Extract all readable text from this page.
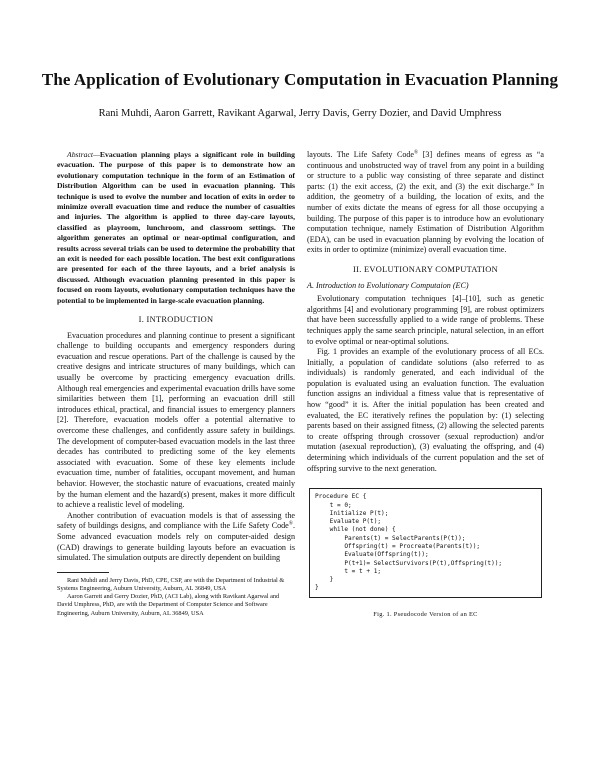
The Application of Evolutionary Computation in Evacuation Planning

Rani Muhdi, Aaron Garrett, Ravikant Agarwal, Jerry Davis, Gerry Dozier, and David Umphress

Abstract—Evacuation planning plays a significant role in building evacuation. The purpose of this paper is to demonstrate how an evolutionary computation technique in the form of an Estimation of Distribution Algorithm can be used in evacuation planning. This technique is used to evolve the number and location of exits in order to minimize overall evacuation time and reduce the number of casualties and injuries. The algorithm is applied to three day-care layouts, classified as playroom, lunchroom, and classroom settings. The algorithm generates an optimal or near-optimal configuration, and results across several trials can be used to determine the probability that an exit is needed for each possible location. The best exit configurations are presented for each of the three layouts, and a brief analysis is discussed. Although evacuation planning presented in this paper is focused on room layouts, evolutionary computation techniques have the potential to be implemented in large-scale evacuation planning.

I. INTRODUCTION

Evacuation procedures and planning continue to present a significant challenge to building occupants and emergency responders during evacuation and rescue operations. Part of the challenge is caused by the creative designs and intricate structures of many buildings, which can usually be overcome by practicing emergency evacuation drills. Although real emergencies and experimental evacuation drills have some similarities between them [1], performing an evacuation drill still introduces ethical, practical, and financial issues to emergency planners [2]. Therefore, evacuation models offer a potential alternative to overcome these challenges, and confidently assure safety in buildings. The development of computer-based evacuation models in the last three decades has contributed to predicting some of the key elements associated with evacuation. Some of these key elements include evacuation time, number of fatalities, occupant movement, and human behavior. However, the stochastic nature of evacuations, created mainly by the human element and the hazard(s) present, makes it more difficult to achieve a realistic level of modeling.

Another contribution of evacuation models is that of assessing the safety of buildings designs, and compliance with the Life Safety Code®. Some advanced evacuation models rely on computer-aided design (CAD) drawings to generate building layouts before an evacuation is simulated. The simulation outputs are directly dependent on building

Rani Muhdi and Jerry Davis, PhD, CPE, CSP, are with the Department of Industrial & Systems Engineering, Auburn University, Auburn, AL 36849, USA

Aaron Garrett and Gerry Dozier, PhD, (ACI Lab), along with Ravikant Agarwal and David Umphress, PhD, are with the Department of Computer Science and Software Engineering, Auburn University, Auburn, AL 36849, USA

layouts. The Life Safety Code® [3] defines means of egress as “a continuous and unobstructed way of travel from any point in a building or structure to a public way consisting of three separate and distinct parts: (1) the exit access, (2) the exit, and (3) the exit discharge.” In addition, the geometry of a building, the location of exits, and the number of exits dictate the means of egress for all those occupying a building. The purpose of this paper is to introduce how an evolutionary computation technique, namely Estimation of Distribution Algorithm (EDA), can be used in evacuation planning by evolving the location of exits in order to optimize (minimize) overall evacuation time.

II. EVOLUTIONARY COMPUTATION
A. Introduction to Evolutionary Computaion (EC)

Evolutionary computation techniques [4]–[10], such as genetic algorithms [4] and evolutionary programming [9], are robust optimizers that have been successfully applied to a wide range of problems. These techniques apply the same search principle, natural selection, in an effort to evolve optimal or near-optimal solutions.

Fig. 1 provides an example of the evolutionary process of all ECs. Initially, a population of candidate solutions (also referred to as individuals) is randomly generated, and each individual of the population is evaluated using an evaluation function. The evaluation function assigns an individual a fitness value that is representative of how “good” it is. After the initial population has been created and evaluated, the EC iteratively refines the population by: (1) selecting parents based on their assigned fitness, (2) allowing the selected parents to create offspring through crossover (sexual reproduction) and/or mutation (asexual reproduction), (3) evaluating the offspring, and (4) determining which individuals of the current population and the set of offspring survive to the next generation.

Procedure EC {
t = 0;
Initialize P(t);
Evaluate P(t);
while (not done) {
Parents(t) = SelectParents(P(t));
Offspring(t) = Procreate(Parents(t));
Evaluate(Offspring(t));
P(t+1)= SelectSurvivors(P(t),Offspring(t));
t = t + 1;
}
}
Fig. 1. Pseudocode Version of an EC
